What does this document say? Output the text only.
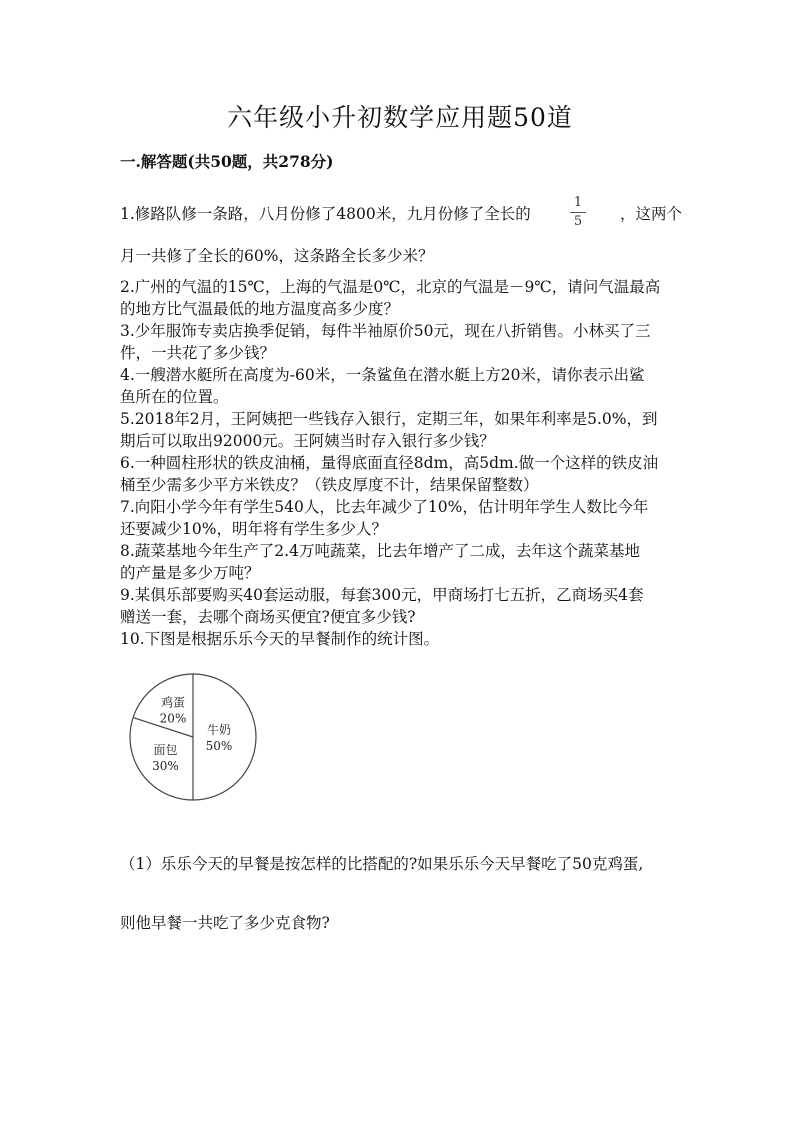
六年级小升初数学应用题50道
一.解答题(共50题，共278分)
1.修路队修一条路，八月份修了4800米，九月份修了全长的
1
5	，这两个
月一共修了全长的60%，这条路全长多少米？
2.广州的气温的15℃，上海的气温是0℃，北京的气温是－9℃，请问气温最高
的地方比气温最低的地方温度高多少度？
3.少年服饰专卖店换季促销，每件半袖原价50元，现在八折销售。小林买了三
件，一共花了多少钱？
4.一艘潜水艇所在高度为-60米，一条鲨鱼在潜水艇上方20米，请你表示出鲨
鱼所在的位置。
5.2018年2月，王阿姨把一些钱存入银行，定期三年，如果年利率是5.0%，到
期后可以取出92000元。王阿姨当时存入银行多少钱？
6.一种圆柱形状的铁皮油桶，量得底面直径8dm，高5dm.做一个这样的铁皮油
桶至少需多少平方米铁皮？（铁皮厚度不计，结果保留整数）
7.向阳小学今年有学生540人，比去年减少了10%，估计明年学生人数比今年
还要减少10%，明年将有学生多少人？
8.蔬菜基地今年生产了2.4万吨蔬菜，比去年增产了二成，去年这个蔬菜基地
的产量是多少万吨？
9.某俱乐部要购买40套运动服，每套300元，甲商场打七五折，乙商场买4套
赠送一套，去哪个商场买便宜?便宜多少钱?
10.下图是根据乐乐今天的早餐制作的统计图。
牛奶
50%
面包
30%
鸡蛋
20%
（1）乐乐今天的早餐是按怎样的比搭配的?如果乐乐今天早餐吃了50克鸡蛋,
则他早餐一共吃了多少克食物?
